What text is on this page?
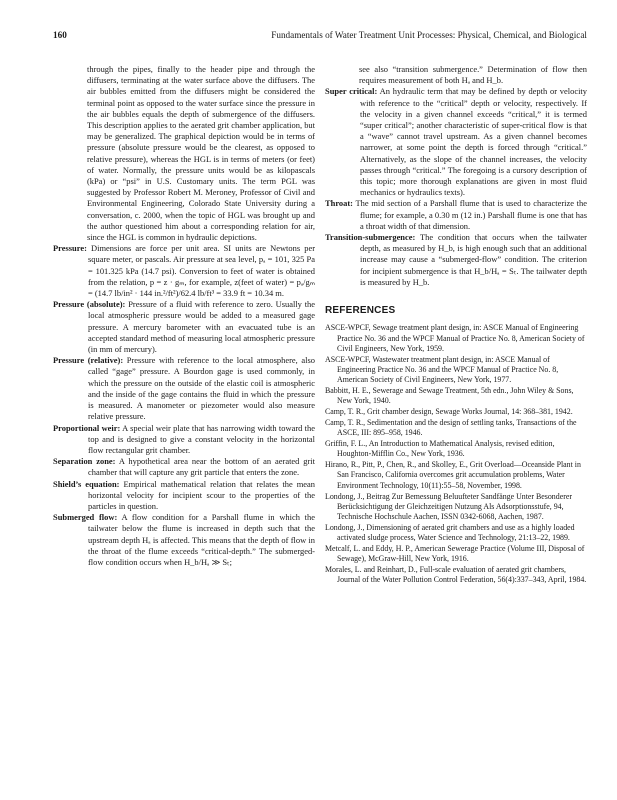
160	Fundamentals of Water Treatment Unit Processes: Physical, Chemical, and Biological

through the pipes, finally to the header pipe and through the diffusers, terminating at the water surface above the diffusers. The air bubbles emitted from the diffusers might be considered the terminal point as opposed to the water surface since the pressure in the air bubbles equals the depth of submergence of the diffusers. This description applies to the aerated grit chamber application, but may be generalized. The graphical depiction would be in terms of pressure (absolute pressure would be the clearest, as opposed to relative pressure), whereas the HGL is in terms of meters (or feet) of water. Normally, the pressure units would be as kilopascals (kPa) or “psi” in U.S. Customary units. The term PGL was suggested by Professor Robert M. Meroney, Professor of Civil and Environmental Engineering, Colorado State University during a conversation, c. 2000, when the topic of HGL was brought up and the author questioned him about a corresponding relation for air, since the HGL is common in hydraulic depictions.

Pressure: Dimensions are force per unit area. SI units are Newtons per square meter, or pascals. Air pressure at sea level, pₐ = 101, 325 Pa = 101.325 kPa (14.7 psi). Conversion to feet of water is obtained from the relation, p = z · gₘ, for example, z(feet of water) = pₐ/gₘ = (14.7 lb/in² · 144 in.²/ft²)/62.4 lb/ft³ = 33.9 ft = 10.34 m.

Pressure (absolute): Pressure of a fluid with reference to zero. Usually the local atmospheric pressure would be added to a measured gage pressure. A mercury barometer with an evacuated tube is an accepted standard method of measuring local atmospheric pressure (in mm of mercury).

Pressure (relative): Pressure with reference to the local atmosphere, also called “gage” pressure. A Bourdon gage is used commonly, in which the pressure on the outside of the elastic coil is atmospheric and the inside of the gage contains the fluid in which the pressure is measured. A manometer or piezometer would also measure relative pressure.

Proportional weir: A special weir plate that has narrowing width toward the top and is designed to give a constant velocity in the horizontal flow rectangular grit chamber.

Separation zone: A hypothetical area near the bottom of an aerated grit chamber that will capture any grit particle that enters the zone.

Shield’s equation: Empirical mathematical relation that relates the mean horizontal velocity for incipient scour to the properties of the particles in question.

Submerged flow: A flow condition for a Parshall flume in which the tailwater below the flume is increased in depth such that the upstream depth Hₐ is affected. This means that the depth of flow in the throat of the flume exceeds “critical-depth.” The submerged-flow condition occurs when H_b/Hₐ ≫ Sₜ;

see also “transition submergence.” Determination of flow then requires measurement of both Hₐ and H_b.

Super critical: An hydraulic term that may be defined by depth or velocity with reference to the “critical” depth or velocity, respectively. If the velocity in a given channel exceeds “critical,” it is termed “super critical”; another characteristic of super-critical flow is that a “wave” cannot travel upstream. As a given channel becomes narrower, at some point the depth is forced through “critical.” Alternatively, as the slope of the channel increases, the velocity passes through “critical.” The foregoing is a cursory description of this topic; more thorough explanations are given in most fluid mechanics or hydraulics texts).

Throat: The mid section of a Parshall flume that is used to characterize the flume; for example, a 0.30 m (12 in.) Parshall flume is one that has a throat width of that dimension.

Transition-submergence: The condition that occurs when the tailwater depth, as measured by H_b, is high enough such that an additional increase may cause a “submerged-flow” condition. The criterion for incipient submergence is that H_b/Hₐ = Sₜ. The tailwater depth is measured by H_b.

REFERENCES

ASCE-WPCF, Sewage treatment plant design, in: ASCE Manual of Engineering Practice No. 36 and the WPCF Manual of Practice No. 8, American Society of Civil Engineers, New York, 1959.

ASCE-WPCF, Wastewater treatment plant design, in: ASCE Manual of Engineering Practice No. 36 and the WPCF Manual of Practice No. 8, American Society of Civil Engineers, New York, 1977.

Babbitt, H. E., Sewerage and Sewage Treatment, 5th edn., John Wiley & Sons, New York, 1940.

Camp, T. R., Grit chamber design, Sewage Works Journal, 14: 368–381, 1942.

Camp, T. R., Sedimentation and the design of settling tanks, Transactions of the ASCE, III: 895–958, 1946.

Griffin, F. L., An Introduction to Mathematical Analysis, revised edition, Houghton-Mifflin Co., New York, 1936.

Hirano, R., Pitt, P., Chen, R., and Skolley, E., Grit Overload—Oceanside Plant in San Francisco, California overcomes grit accumulation problems, Water Environment Technology, 10(11):55–58, November, 1998.

Londong, J., Beitrag Zur Bemessung Beluufteter Sandfänge Unter Besonderer Berücksichtigung der Gleichzeitigen Nutzung Als Adsorptionsstufe, 94, Technische Hochschule Aachen, ISSN 0342-6068, Aachen, 1987.

Londong, J., Dimensioning of aerated grit chambers and use as a highly loaded activated sludge process, Water Science and Technology, 21:13–22, 1989.

Metcalf, L. and Eddy, H. P., American Sewerage Practice (Volume III, Disposal of Sewage), McGraw-Hill, New York, 1916.

Morales, L. and Reinhart, D., Full-scale evaluation of aerated grit chambers, Journal of the Water Pollution Control Federation, 56(4):337–343, April, 1984.
